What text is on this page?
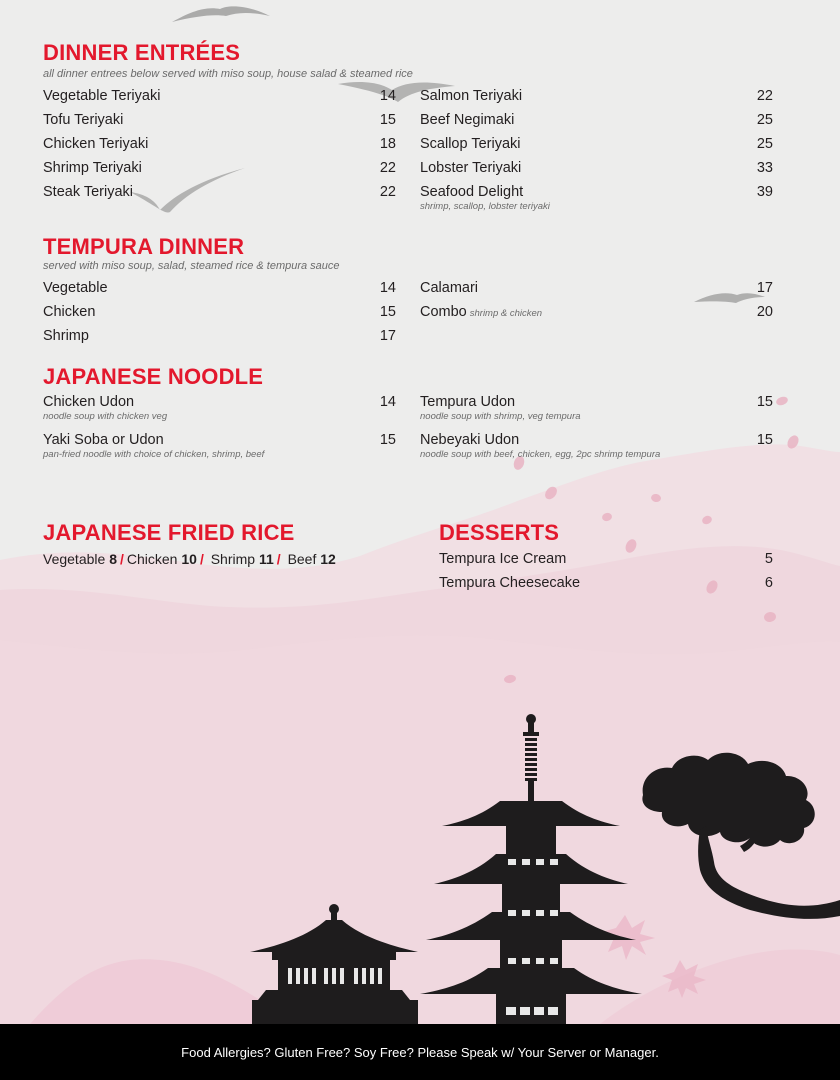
DINNER ENTRÉES
all dinner entrees below served with miso soup, house salad & steamed rice
Vegetable Teriyaki	14
Tofu Teriyaki	15
Chicken Teriyaki	18
Shrimp Teriyaki	22
Steak Teriyaki	22
Salmon Teriyaki	22
Beef Negimaki	25
Scallop Teriyaki	25
Lobster Teriyaki	33
Seafood Delight	39
shrimp, scallop, lobster teriyaki
TEMPURA DINNER
served with miso soup, salad, steamed rice & tempura sauce
Vegetable	14
Chicken	15
Shrimp	17
Calamari	17
Combo shrimp & chicken	20
JAPANESE NOODLE
Chicken Udon	14
noodle soup with chicken veg
Yaki Soba or Udon	15
pan-fried noodle with choice of chicken, shrimp, beef
Tempura Udon	15
noodle soup with shrimp, veg tempura
Nebeyaki Udon	15
noodle soup with beef, chicken, egg, 2pc shrimp tempura
JAPANESE FRIED RICE
Vegetable 8 / Chicken 10 / Shrimp 11 / Beef 12
DESSERTS
Tempura Ice Cream	5
Tempura Cheesecake	6
Food Allergies? Gluten Free? Soy Free? Please Speak w/ Your Server or Manager.
